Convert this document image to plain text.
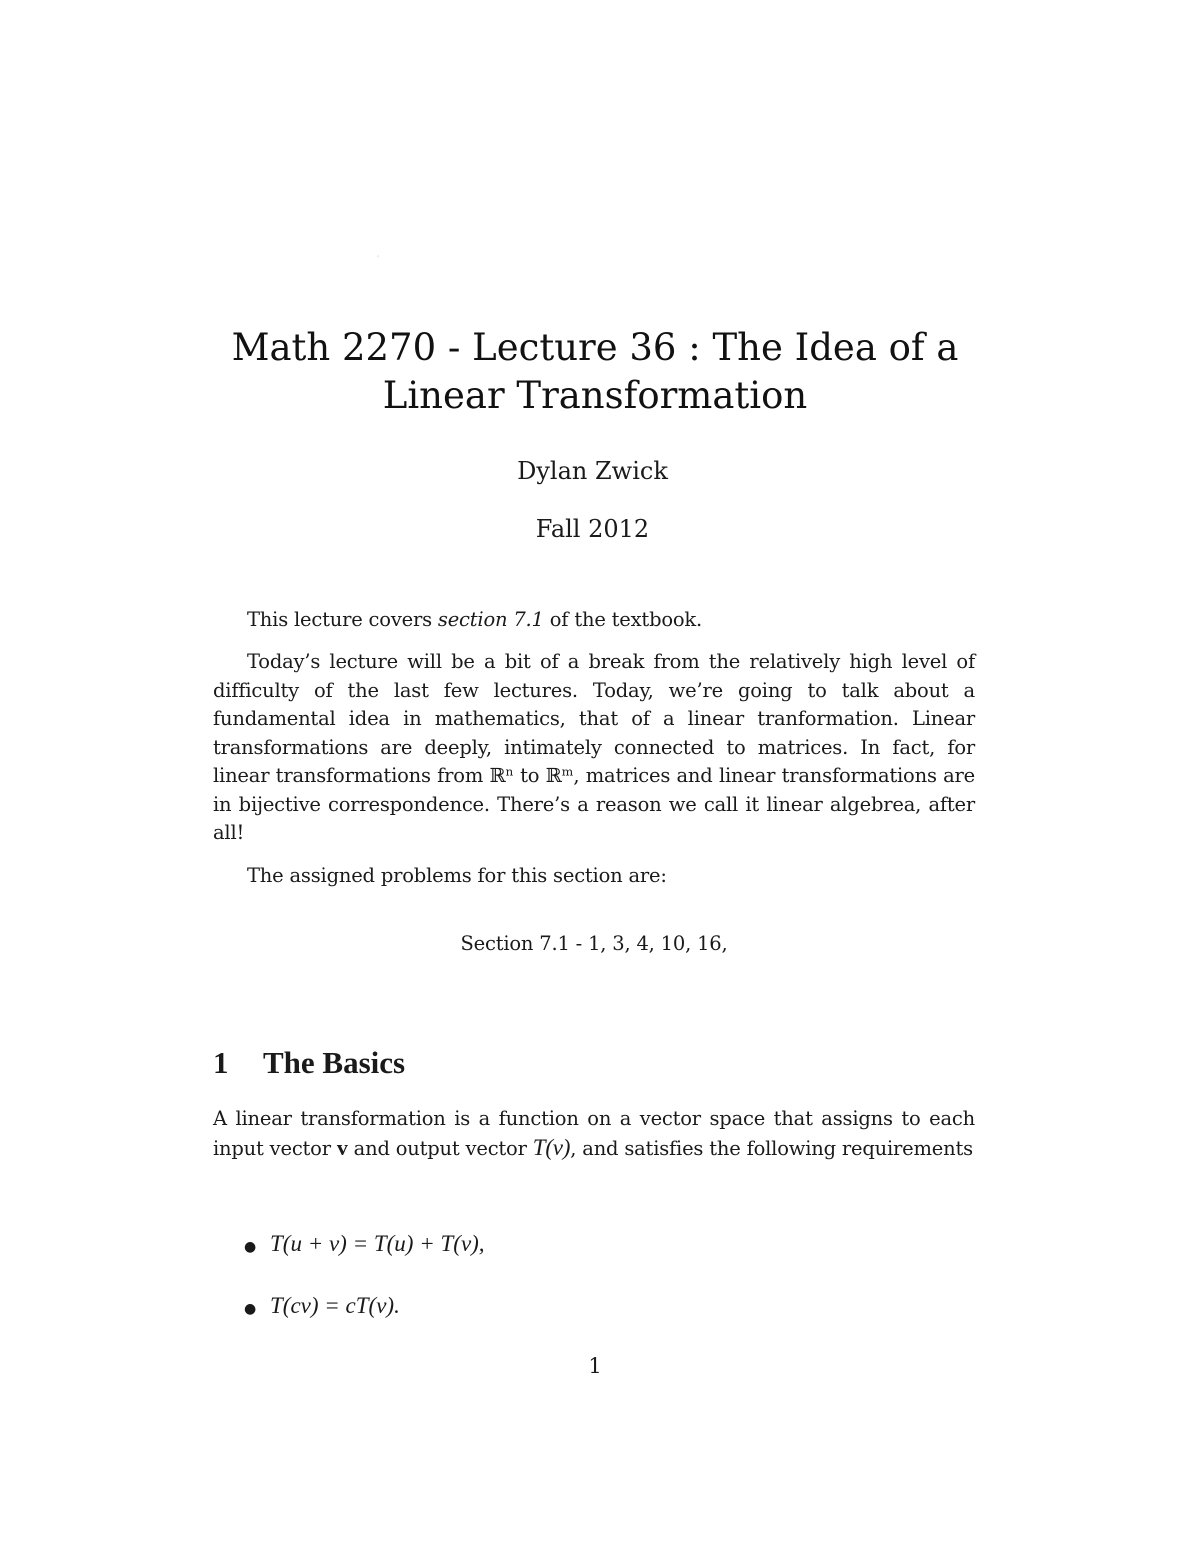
·
Math 2270 - Lecture 36 : The Idea of a
Linear Transformation
Dylan Zwick
Fall 2012
This lecture covers section 7.1 of the textbook.
Today’s lecture will be a bit of a break from the relatively high level of difficulty of the last few lectures. Today, we’re going to talk about a fundamental idea in mathematics, that of a linear tranformation. Linear transformations are deeply, intimately connected to matrices. In fact, for linear transformations from ℝⁿ to ℝᵐ, matrices and linear transformations are in bijective correspondence. There’s a reason we call it linear algebrea, after all!
The assigned problems for this section are:
Section 7.1 - 1, 3, 4, 10, 16,
1 The Basics
A linear transformation is a function on a vector space that assigns to each input vector v and output vector T(v), and satisfies the following requirements
● T(u + v) = T(u) + T(v),
● T(cv) = cT(v).
1
